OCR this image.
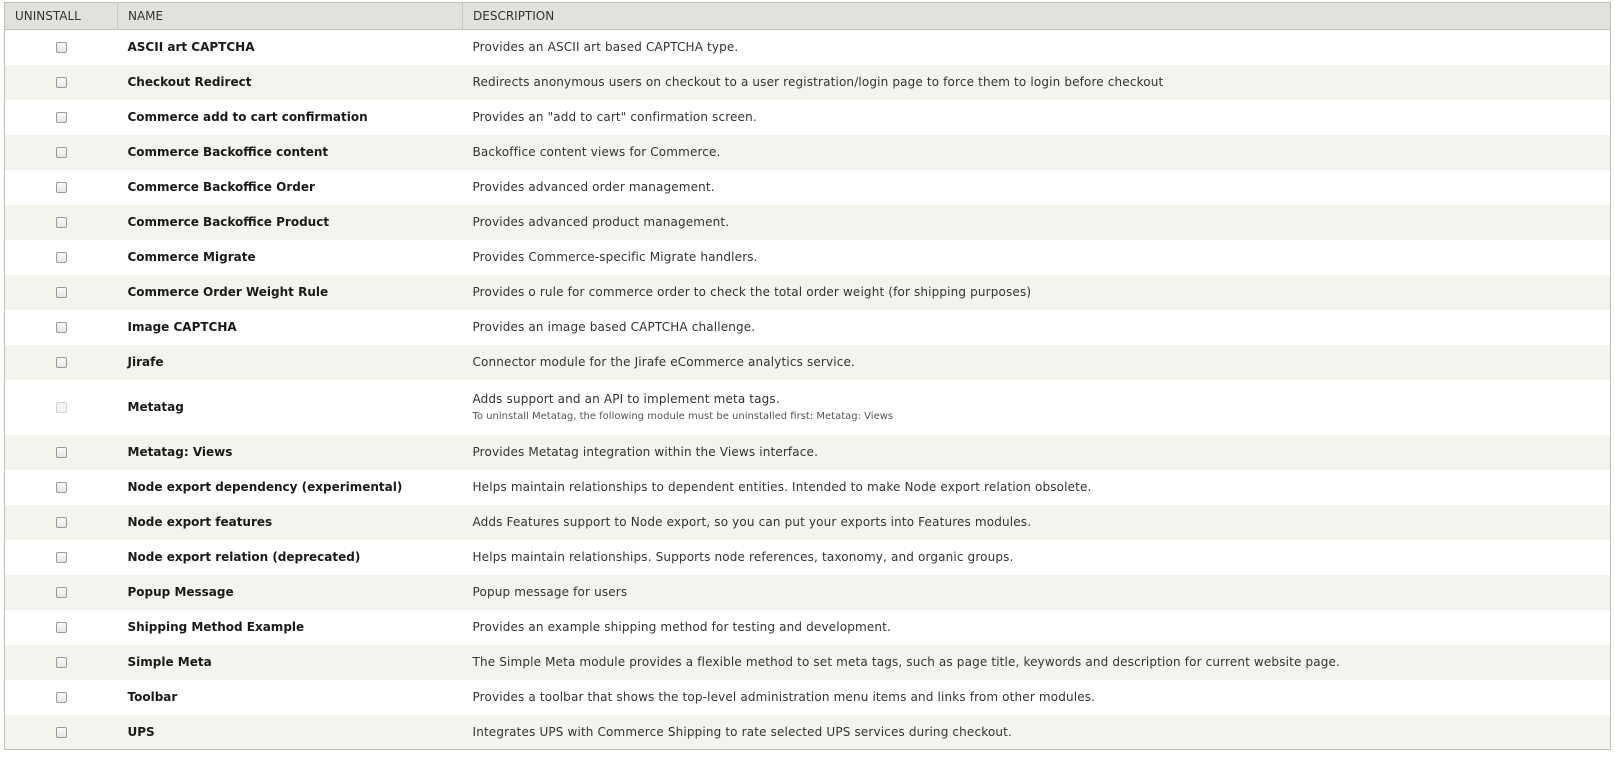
UNINSTALL	NAME	DESCRIPTION
	ASCII art CAPTCHA	Provides an ASCII art based CAPTCHA type.
	Checkout Redirect	Redirects anonymous users on checkout to a user registration/login page to force them to login before checkout
	Commerce add to cart confirmation	Provides an "add to cart" confirmation screen.
	Commerce Backoffice content	Backoffice content views for Commerce.
	Commerce Backoffice Order	Provides advanced order management.
	Commerce Backoffice Product	Provides advanced product management.
	Commerce Migrate	Provides Commerce-specific Migrate handlers.
	Commerce Order Weight Rule	Provides o rule for commerce order to check the total order weight (for shipping purposes)
	Image CAPTCHA	Provides an image based CAPTCHA challenge.
	Jirafe	Connector module for the Jirafe eCommerce analytics service.
	Metatag	Adds support and an API to implement meta tags.
To uninstall Metatag, the following module must be uninstalled first: Metatag: Views

	Metatag: Views	Provides Metatag integration within the Views interface.
	Node export dependency (experimental)	Helps maintain relationships to dependent entities. Intended to make Node export relation obsolete.
	Node export features	Adds Features support to Node export, so you can put your exports into Features modules.
	Node export relation (deprecated)	Helps maintain relationships. Supports node references, taxonomy, and organic groups.
	Popup Message	Popup message for users
	Shipping Method Example	Provides an example shipping method for testing and development.
	Simple Meta	The Simple Meta module provides a flexible method to set meta tags, such as page title, keywords and description for current website page.
	Toolbar	Provides a toolbar that shows the top-level administration menu items and links from other modules.
	UPS	Integrates UPS with Commerce Shipping to rate selected UPS services during checkout.
